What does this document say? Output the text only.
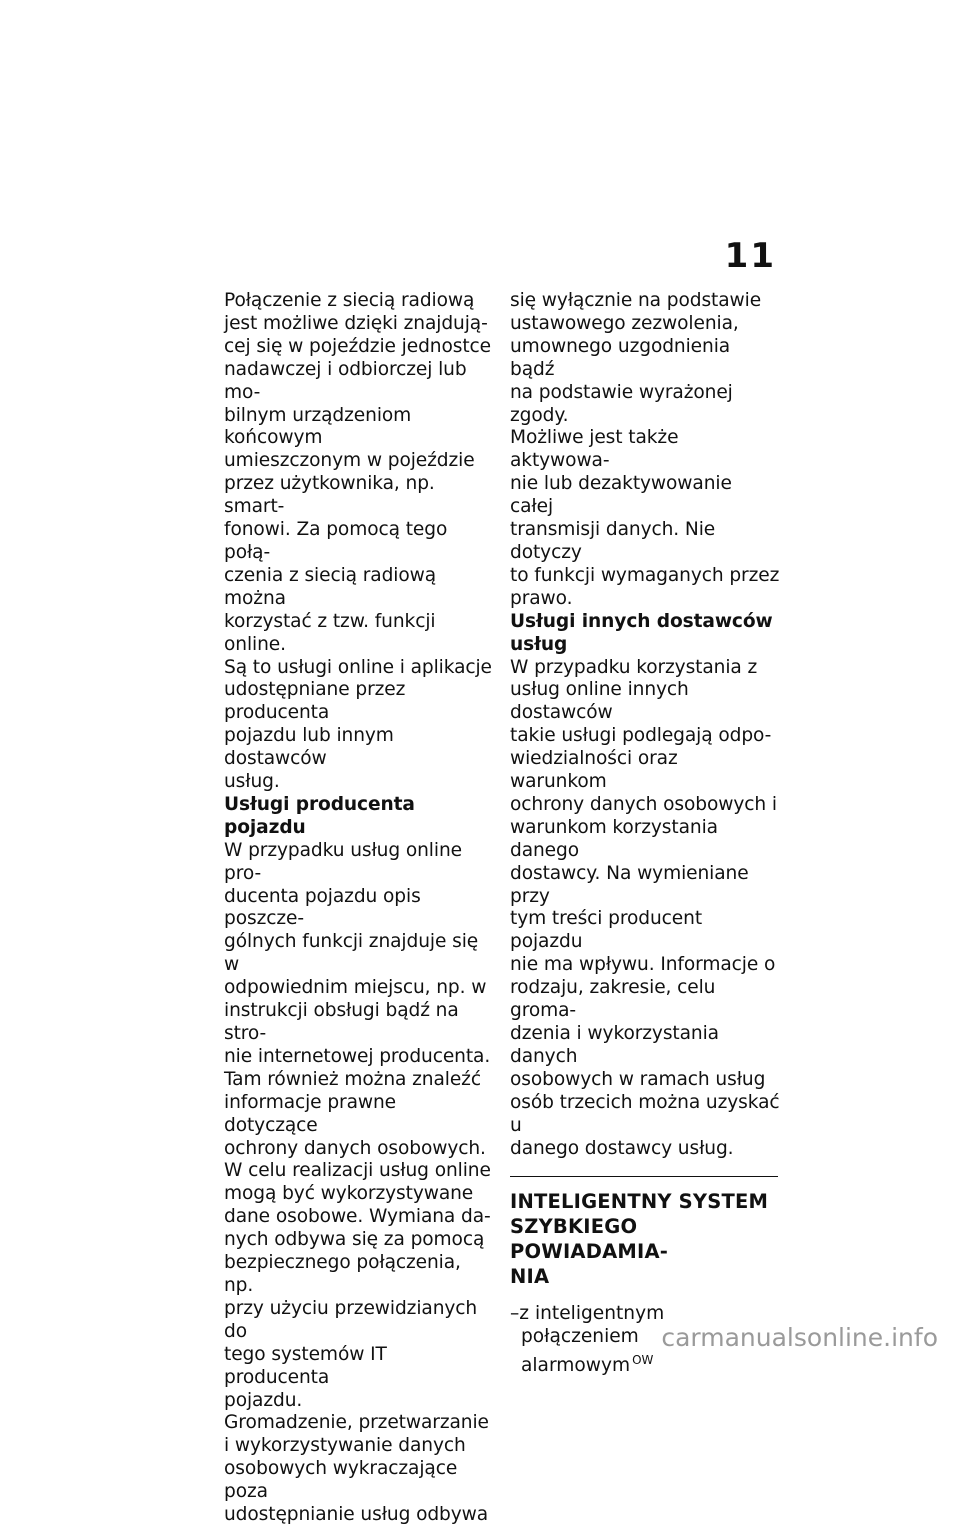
11

Połączenie z siecią radiową
jest możliwe dzięki znajdują-
cej się w pojeździe jednostce
nadawczej i odbiorczej lub mo-
bilnym urządzeniom końcowym
umieszczonym w pojeździe
przez użytkownika, np. smart-
fonowi. Za pomocą tego połą-
czenia z siecią radiową można
korzystać z tzw. funkcji online.
Są to usługi online i aplikacje
udostępniane przez producenta
pojazdu lub innym dostawców
usług.

Usługi producenta pojazdu

W przypadku usług online pro-
ducenta pojazdu opis poszcze-
gólnych funkcji znajduje się w
odpowiednim miejscu, np. w
instrukcji obsługi bądź na stro-
nie internetowej producenta.
Tam również można znaleźć
informacje prawne dotyczące
ochrony danych osobowych.
W celu realizacji usług online
mogą być wykorzystywane
dane osobowe. Wymiana da-
nych odbywa się za pomocą
bezpiecznego połączenia, np.
przy użyciu przewidzianych do
tego systemów IT producenta
pojazdu.

Gromadzenie, przetwarzanie
i wykorzystywanie danych
osobowych wykraczające poza
udostępnianie usług odbywa

się wyłącznie na podstawie
ustawowego zezwolenia,
umownego uzgodnienia bądź
na podstawie wyrażonej zgody.
Możliwe jest także aktywowa-
nie lub dezaktywowanie całej
transmisji danych. Nie dotyczy
to funkcji wymaganych przez
prawo.

Usługi innych dostawców
usług

W przypadku korzystania z
usług online innych dostawców
takie usługi podlegają odpo-
wiedzialności oraz warunkom
ochrony danych osobowych i
warunkom korzystania danego
dostawcy. Na wymieniane przy
tym treści producent pojazdu
nie ma wpływu. Informacje o
rodzaju, zakresie, celu groma-
dzenia i wykorzystania danych
osobowych w ramach usług
osób trzecich można uzyskać u
danego dostawcy usług.

INTELIGENTNY SYSTEM
SZYBKIEGO POWIADAMIA-
NIA

–z inteligentnym połączeniem
alarmowym $^{OW}$

carmanualsonline.info
